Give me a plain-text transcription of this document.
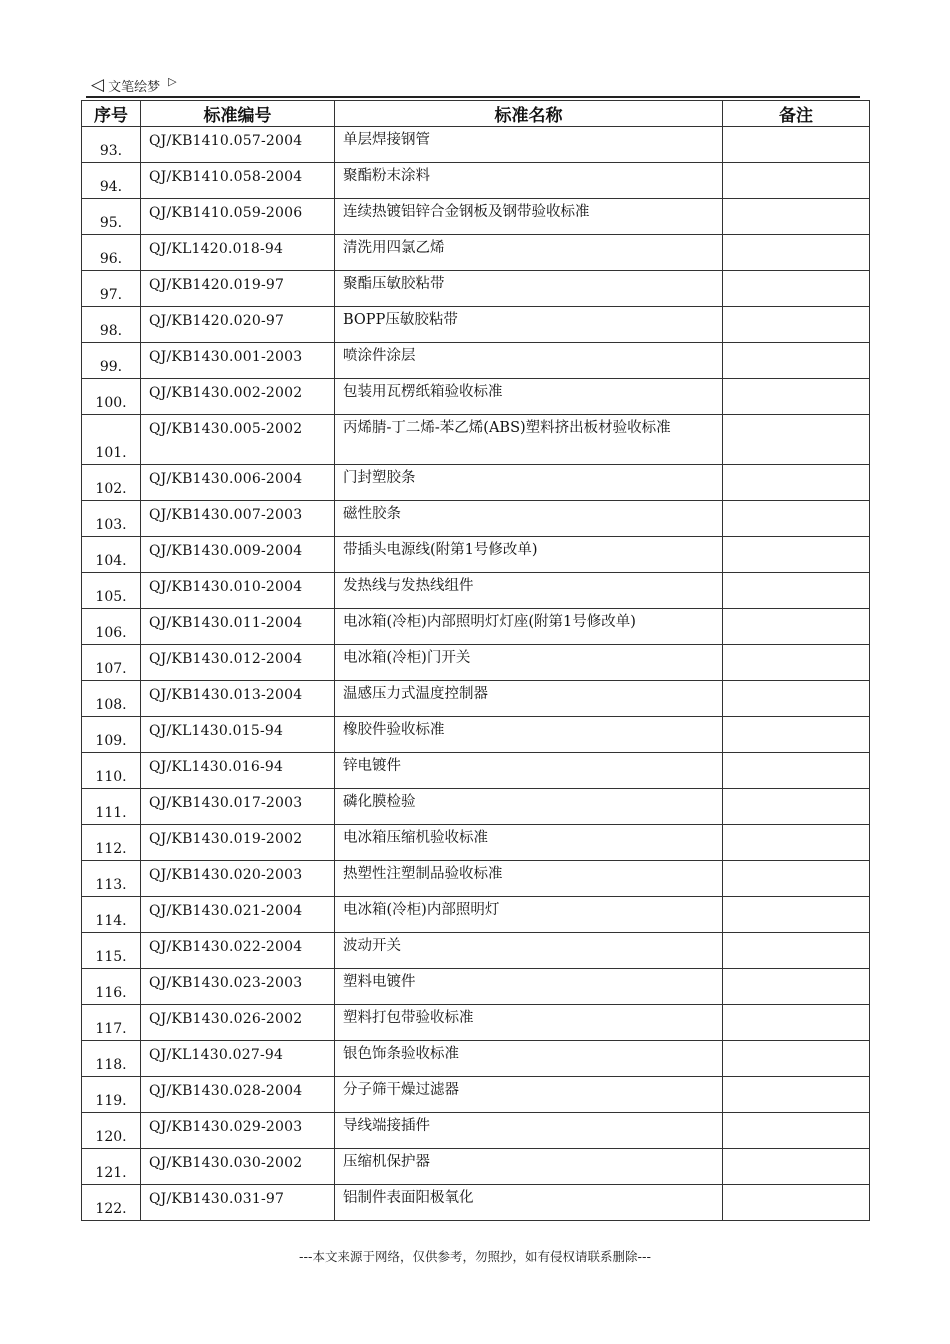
◁ 文笔绘梦 ▷
序号	标准编号	标准名称	备注
93.	QJ/KB1410.057-2004	单层焊接钢管	
94.	QJ/KB1410.058-2004	聚酯粉末涂料	
95.	QJ/KB1410.059-2006	连续热镀铝锌合金钢板及钢带验收标准	
96.	QJ/KL1420.018-94	清洗用四氯乙烯	
97.	QJ/KB1420.019-97	聚酯压敏胶粘带	
98.	QJ/KB1420.020-97	BOPP压敏胶粘带	
99.	QJ/KB1430.001-2003	喷涂件涂层	
100.	QJ/KB1430.002-2002	包装用瓦楞纸箱验收标准	
101.	QJ/KB1430.005-2002	丙烯腈-丁二烯-苯乙烯(ABS)塑料挤出板材验收标准	
102.	QJ/KB1430.006-2004	门封塑胶条	
103.	QJ/KB1430.007-2003	磁性胶条	
104.	QJ/KB1430.009-2004	带插头电源线(附第1号修改单)	
105.	QJ/KB1430.010-2004	发热线与发热线组件	
106.	QJ/KB1430.011-2004	电冰箱(冷柜)内部照明灯灯座(附第1号修改单)	
107.	QJ/KB1430.012-2004	电冰箱(冷柜)门开关	
108.	QJ/KB1430.013-2004	温感压力式温度控制器	
109.	QJ/KL1430.015-94	橡胶件验收标准	
110.	QJ/KL1430.016-94	锌电镀件	
111.	QJ/KB1430.017-2003	磷化膜检验	
112.	QJ/KB1430.019-2002	电冰箱压缩机验收标准	
113.	QJ/KB1430.020-2003	热塑性注塑制品验收标准	
114.	QJ/KB1430.021-2004	电冰箱(冷柜)内部照明灯	
115.	QJ/KB1430.022-2004	波动开关	
116.	QJ/KB1430.023-2003	塑料电镀件	
117.	QJ/KB1430.026-2002	塑料打包带验收标准	
118.	QJ/KL1430.027-94	银色饰条验收标准	
119.	QJ/KB1430.028-2004	分子筛干燥过滤器	
120.	QJ/KB1430.029-2003	导线端接插件	
121.	QJ/KB1430.030-2002	压缩机保护器	
122.	QJ/KB1430.031-97	铝制件表面阳极氧化	
---本文来源于网络，仅供参考，勿照抄，如有侵权请联系删除---
